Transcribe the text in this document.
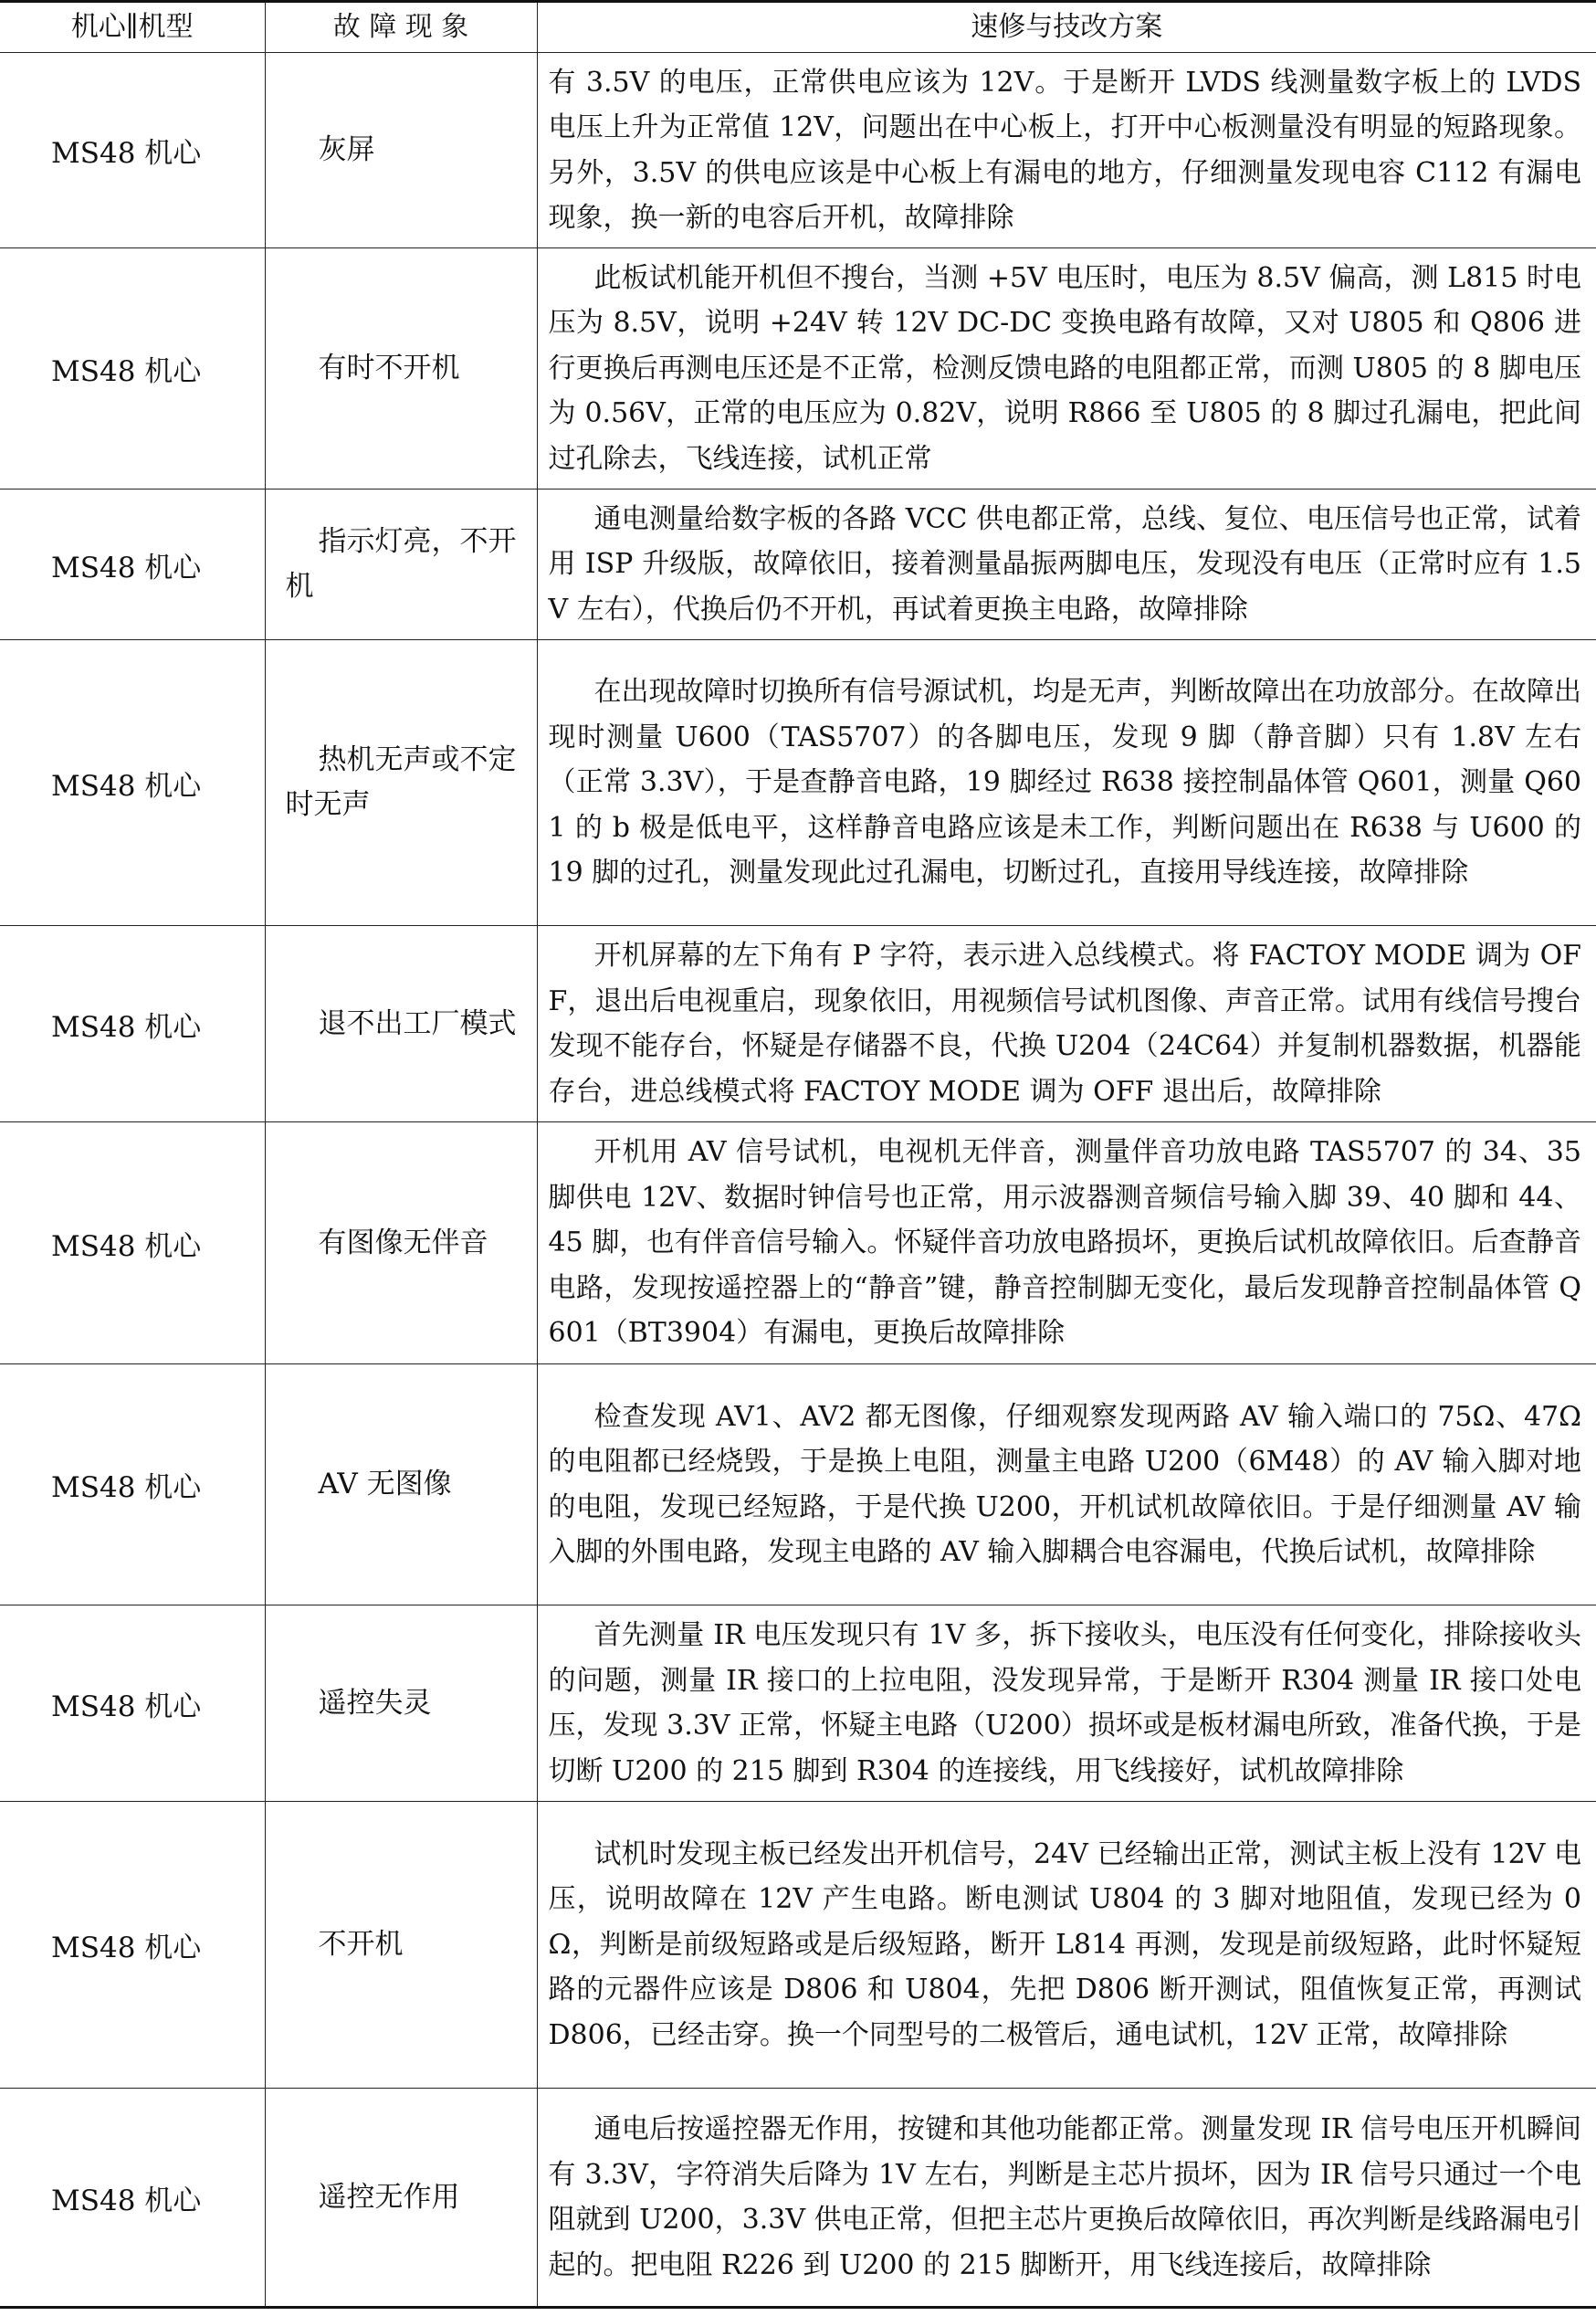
机心∥机型	故 障 现 象	速修与技改方案
MS48 机心	灰屏	有 3.5V 的电压，正常供电应该为 12V。于是断开 LVDS 线测量数字板上的 LVDS 电压上升为正常值 12V，问题出在中心板上，打开中心板测量没有明显的短路现象。另外，3.5V 的供电应该是中心板上有漏电的地方，仔细测量发现电容 C112 有漏电现象，换一新的电容后开机，故障排除

MS48 机心	有时不开机	此板试机能开机但不搜台，当测 +5V 电压时，电压为 8.5V 偏高，测 L815 时电压为 8.5V，说明 +24V 转 12V DC-DC 变换电路有故障，又对 U805 和 Q806 进行更换后再测电压还是不正常，检测反馈电路的电阻都正常，而测 U805 的 8 脚电压为 0.56V，正常的电压应为 0.82V，说明 R866 至 U805 的 8 脚过孔漏电，把此间过孔除去，飞线连接，试机正常

MS48 机心	指示灯亮，不开机	通电测量给数字板的各路 VCC 供电都正常，总线、复位、电压信号也正常，试着用 ISP 升级版，故障依旧，接着测量晶振两脚电压，发现没有电压（正常时应有 1.5V 左右），代换后仍不开机，再试着更换主电路，故障排除

MS48 机心	热机无声或不定时无声	在出现故障时切换所有信号源试机，均是无声，判断故障出在功放部分。在故障出现时测量 U600（TAS5707）的各脚电压，发现 9 脚（静音脚）只有 1.8V 左右（正常 3.3V），于是查静音电路，19 脚经过 R638 接控制晶体管 Q601，测量 Q601 的 b 极是低电平，这样静音电路应该是未工作，判断问题出在 R638 与 U600 的 19 脚的过孔，测量发现此过孔漏电，切断过孔，直接用导线连接，故障排除

MS48 机心	退不出工厂模式	开机屏幕的左下角有 P 字符，表示进入总线模式。将 FACTOY MODE 调为 OFF，退出后电视重启，现象依旧，用视频信号试机图像、声音正常。试用有线信号搜台发现不能存台，怀疑是存储器不良，代换 U204（24C64）并复制机器数据，机器能存台，进总线模式将 FACTOY MODE 调为 OFF 退出后，故障排除

MS48 机心	有图像无伴音	开机用 AV 信号试机，电视机无伴音，测量伴音功放电路 TAS5707 的 34、35 脚供电 12V、数据时钟信号也正常，用示波器测音频信号输入脚 39、40 脚和 44、45 脚，也有伴音信号输入。怀疑伴音功放电路损坏，更换后试机故障依旧。后查静音电路，发现按遥控器上的“静音”键，静音控制脚无变化，最后发现静音控制晶体管 Q601（BT3904）有漏电，更换后故障排除

MS48 机心	AV 无图像	检查发现 AV1、AV2 都无图像，仔细观察发现两路 AV 输入端口的 75Ω、47Ω 的电阻都已经烧毁，于是换上电阻，测量主电路 U200（6M48）的 AV 输入脚对地的电阻，发现已经短路，于是代换 U200，开机试机故障依旧。于是仔细测量 AV 输入脚的外围电路，发现主电路的 AV 输入脚耦合电容漏电，代换后试机，故障排除

MS48 机心	遥控失灵	首先测量 IR 电压发现只有 1V 多，拆下接收头，电压没有任何变化，排除接收头的问题，测量 IR 接口的上拉电阻，没发现异常，于是断开 R304 测量 IR 接口处电压，发现 3.3V 正常，怀疑主电路（U200）损坏或是板材漏电所致，准备代换，于是切断 U200 的 215 脚到 R304 的连接线，用飞线接好，试机故障排除

MS48 机心	不开机	试机时发现主板已经发出开机信号，24V 已经输出正常，测试主板上没有 12V 电压，说明故障在 12V 产生电路。断电测试 U804 的 3 脚对地阻值，发现已经为 0Ω，判断是前级短路或是后级短路，断开 L814 再测，发现是前级短路，此时怀疑短路的元器件应该是 D806 和 U804，先把 D806 断开测试，阻值恢复正常，再测试 D806，已经击穿。换一个同型号的二极管后，通电试机，12V 正常，故障排除

MS48 机心	遥控无作用	通电后按遥控器无作用，按键和其他功能都正常。测量发现 IR 信号电压开机瞬间有 3.3V，字符消失后降为 1V 左右，判断是主芯片损坏，因为 IR 信号只通过一个电阻就到 U200，3.3V 供电正常，但把主芯片更换后故障依旧，再次判断是线路漏电引起的。把电阻 R226 到 U200 的 215 脚断开，用飞线连接后，故障排除
